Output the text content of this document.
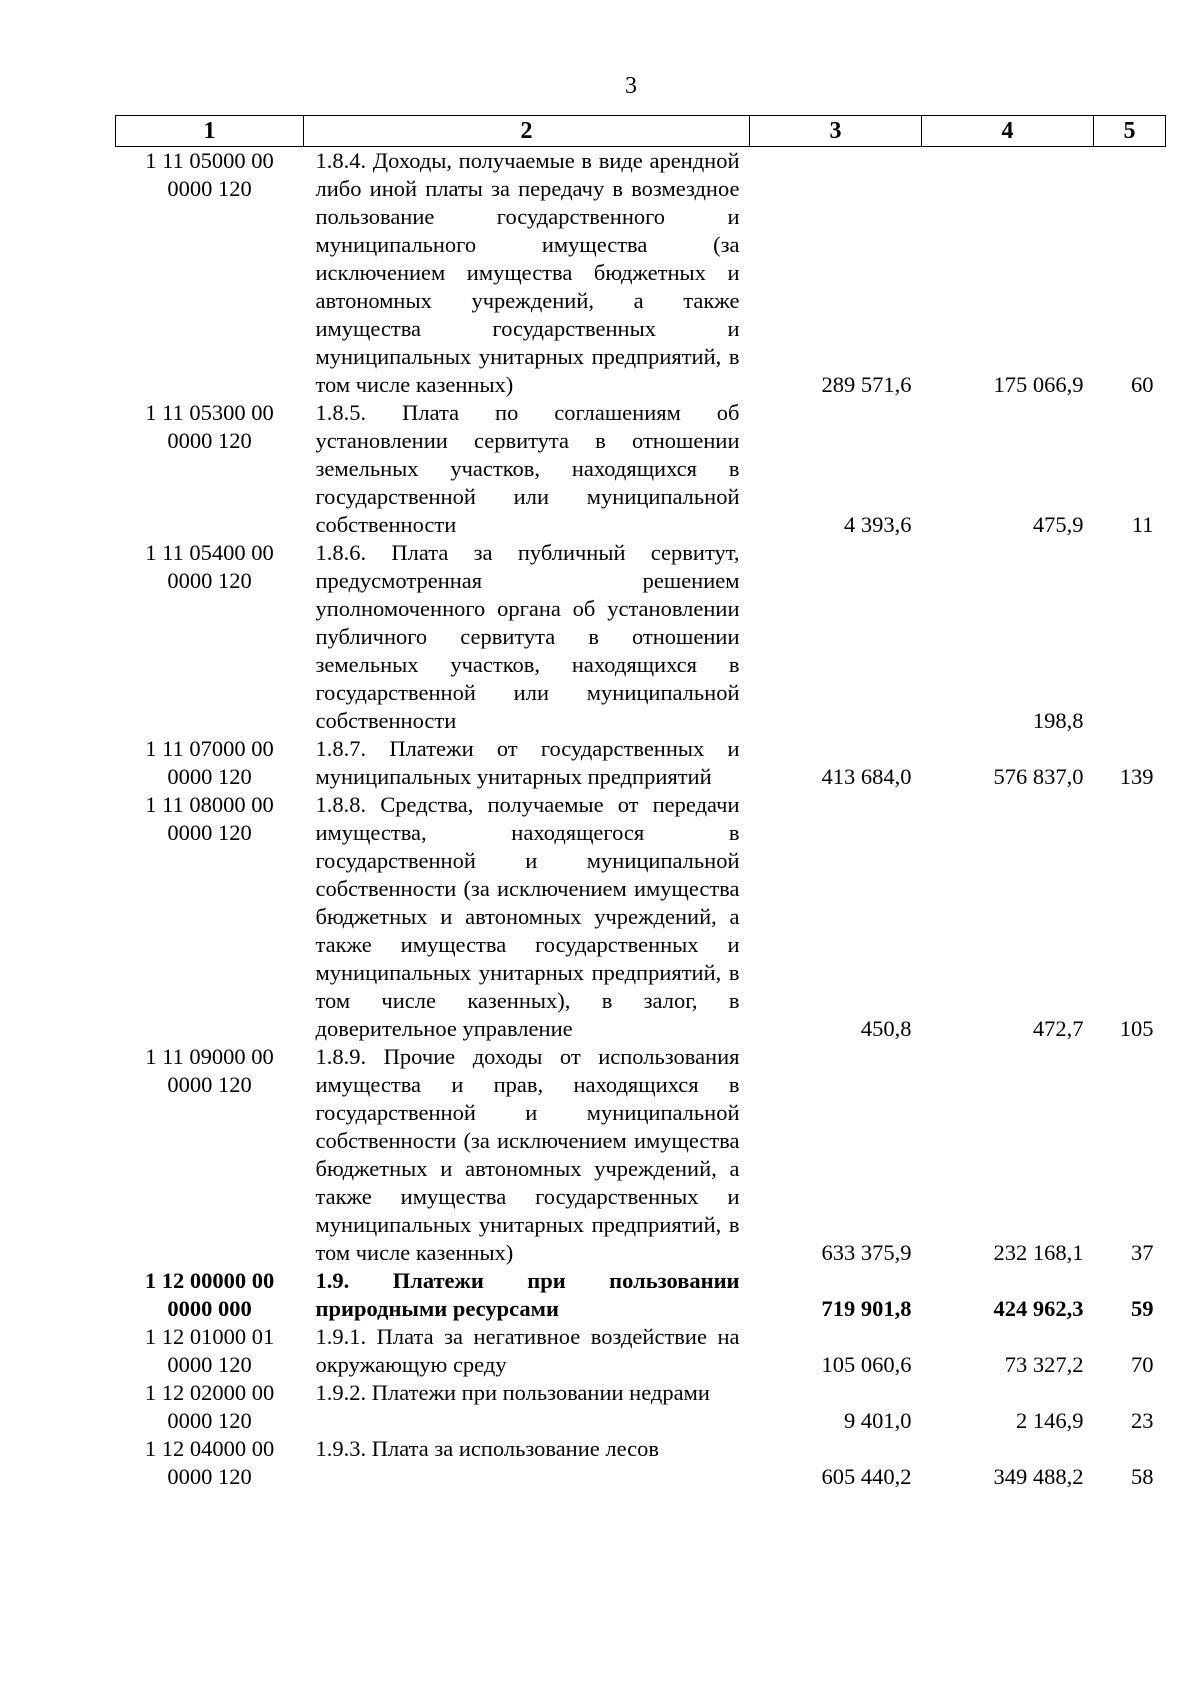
3
1	2	3	4	5

1 11 05000 00
0000 120	1.8.4. Доходы, получаемые в виде арендной либо иной платы за передачу в возмездное пользование государственного и муниципального имущества (за исключением имущества бюджетных и автономных учреждений, а также имущества государственных и муниципальных унитарных предприятий, в том числе казенных)	289 571,6	175 066,9	60

1 11 05300 00
0000 120	1.8.5. Плата по соглашениям об установлении сервитута в отношении земельных участков, находящихся в государственной или муниципальной собственности	4 393,6	475,9	11

1 11 05400 00
0000 120	1.8.6. Плата за публичный сервитут, предусмотренная решением уполномоченного органа об установлении публичного сервитута в отношении земельных участков, находящихся в государственной или муниципальной собственности		198,8	

1 11 07000 00
0000 120	1.8.7. Платежи от государственных и муниципальных унитарных предприятий	413 684,0	576 837,0	139

1 11 08000 00
0000 120	1.8.8. Средства, получаемые от передачи имущества, находящегося в государственной и муниципальной собственности (за исключением имущества бюджетных и автономных учреждений, а также имущества государственных и муниципальных унитарных предприятий, в том числе казенных), в залог, в доверительное управление	450,8	472,7	105

1 11 09000 00
0000 120	1.8.9. Прочие доходы от использования имущества и прав, находящихся в государственной и муниципальной собственности (за исключением имущества бюджетных и автономных учреждений, а также имущества государственных и муниципальных унитарных предприятий, в том числе казенных)	633 375,9	232 168,1	37

1 12 00000 00
0000 000	1.9. Платежи при пользовании природными ресурсами	719 901,8	424 962,3	59

1 12 01000 01
0000 120	1.9.1. Плата за негативное воздействие на окружающую среду	105 060,6	73 327,2	70

1 12 02000 00
0000 120	1.9.2. Платежи при пользовании недрами	9 401,0	2 146,9	23

1 12 04000 00
0000 120	1.9.3. Плата за использование лесов	605 440,2	349 488,2	58
